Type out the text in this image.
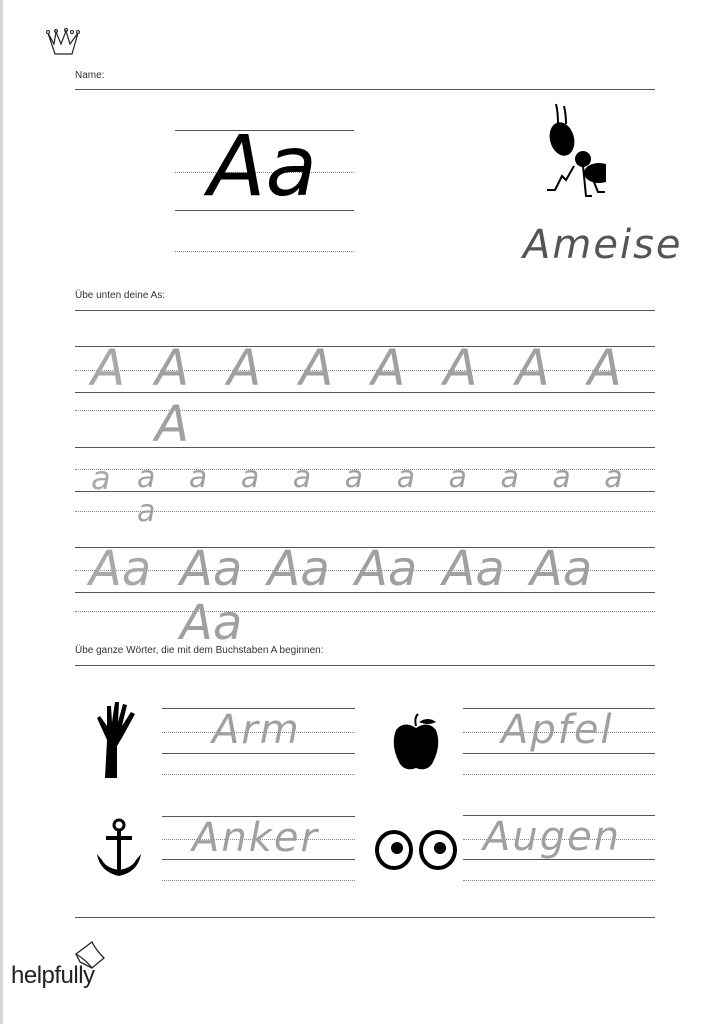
Name:
Aa
Ameise
Übe unten deine As:
A A A A A A A A A
a a a a a a a a a a a a
Aa Aa Aa Aa Aa Aa Aa
Übe ganze Wörter, die mit dem Buchstaben A beginnen:
Arm	Apfel
Anker	Augen
helpfully
